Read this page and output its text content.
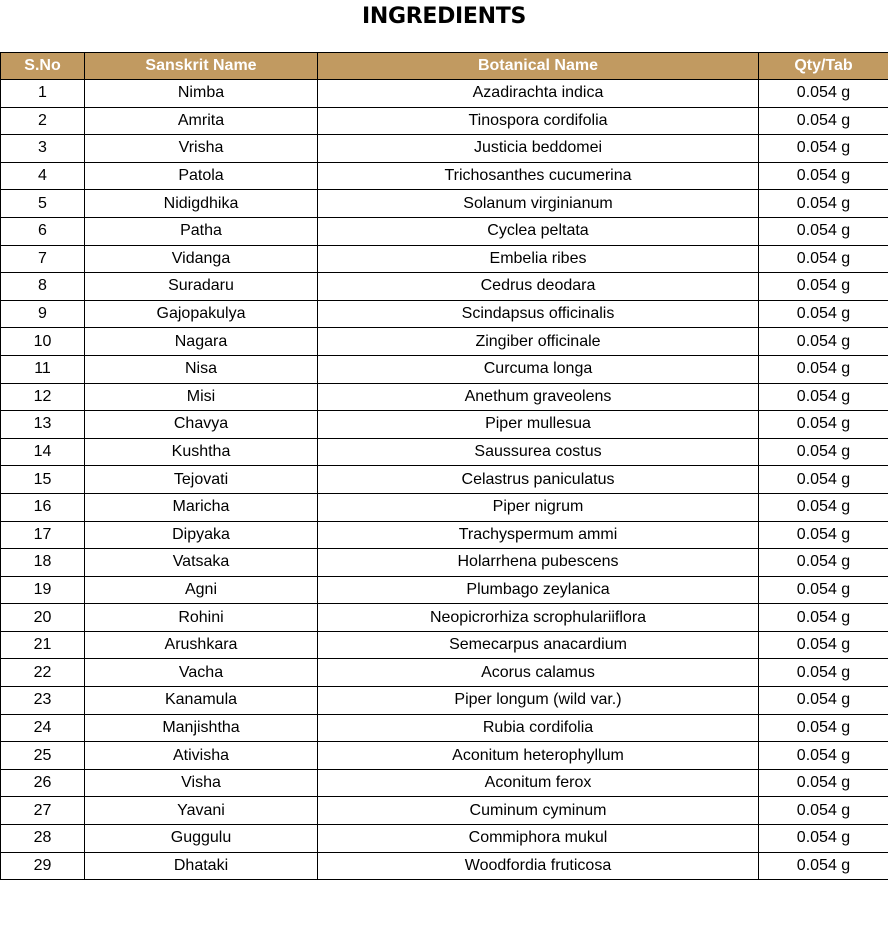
INGREDIENTS
S.No	Sanskrit Name	Botanical Name	Qty/Tab
1	Nimba	Azadirachta indica	0.054 g
2	Amrita	Tinospora cordifolia	0.054 g
3	Vrisha	Justicia beddomei	0.054 g
4	Patola	Trichosanthes cucumerina	0.054 g
5	Nidigdhika	Solanum virginianum	0.054 g
6	Patha	Cyclea peltata	0.054 g
7	Vidanga	Embelia ribes	0.054 g
8	Suradaru	Cedrus deodara	0.054 g
9	Gajopakulya	Scindapsus officinalis	0.054 g
10	Nagara	Zingiber officinale	0.054 g
11	Nisa	Curcuma longa	0.054 g
12	Misi	Anethum graveolens	0.054 g
13	Chavya	Piper mullesua	0.054 g
14	Kushtha	Saussurea costus	0.054 g
15	Tejovati	Celastrus paniculatus	0.054 g
16	Maricha	Piper nigrum	0.054 g
17	Dipyaka	Trachyspermum ammi	0.054 g
18	Vatsaka	Holarrhena pubescens	0.054 g
19	Agni	Plumbago zeylanica	0.054 g
20	Rohini	Neopicrorhiza scrophulariiflora	0.054 g
21	Arushkara	Semecarpus anacardium	0.054 g
22	Vacha	Acorus calamus	0.054 g
23	Kanamula	Piper longum (wild var.)	0.054 g
24	Manjishtha	Rubia cordifolia	0.054 g
25	Ativisha	Aconitum heterophyllum	0.054 g
26	Visha	Aconitum ferox	0.054 g
27	Yavani	Cuminum cyminum	0.054 g
28	Guggulu	Commiphora mukul	0.054 g
29	Dhataki	Woodfordia fruticosa	0.054 g
